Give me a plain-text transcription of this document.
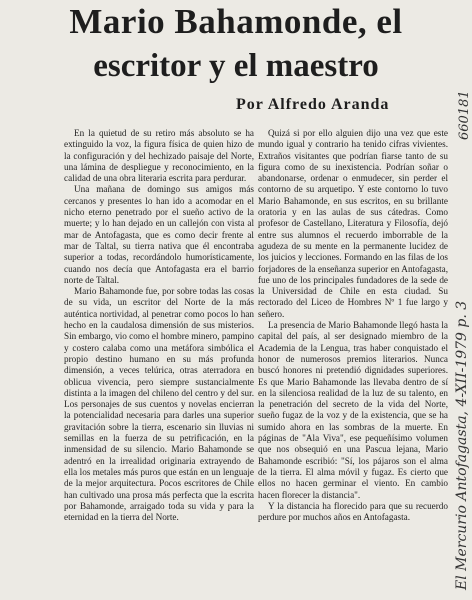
Mario Bahamonde, el
escritor y el maestro
Por Alfredo Aranda

En la quietud de su retiro más absoluto se ha extinguido la voz, la figura física de quien hizo de la configuración y del hechizado paisaje del Norte, una lámina de despliegue y reconocimiento, en la calidad de una obra literaria escrita para perdurar.

Una mañana de domingo sus amigos más cercanos y presentes lo han ido a acomodar en el nicho eterno penetrado por el sueño activo de la muerte; y lo han dejado en un callejón con vista al mar de Antofagasta, que es como decir frente al mar de Taltal, su tierra nativa que él encontraba superior a todas, recordándolo humorísticamente, cuando nos decía que Antofagasta era el barrio norte de Taltal.

Mario Bahamonde fue, por sobre todas las cosas de su vida, un escritor del Norte de la más auténtica nortividad, al penetrar como pocos lo han hecho en la caudalosa dimensión de sus misterios. Sin embargo, vio como el hombre minero, pampino y costero calaba como una metáfora simbólica el propio destino humano en su más profunda dimensión, a veces telúrica, otras aterradora en oblicua vivencia, pero siempre sustancialmente distinta a la imagen del chileno del centro y del sur. Los personajes de sus cuentos y novelas encierran la potencialidad necesaria para darles una superior gravitación sobre la tierra, escenario sin lluvias ni semillas en la fuerza de su petrificación, en la inmensidad de su silencio. Mario Bahamonde se adentró en la irrealidad originaria extrayendo de ella los metales más puros que están en un lenguaje de la mejor arquitectura. Pocos escritores de Chile han cultivado una prosa más perfecta que la escrita por Bahamonde, arraigado toda su vida y para la eternidad en la tierra del Norte.

Quizá si por ello alguien dijo una vez que este mundo igual y contrario ha tenido cifras vivientes. Extraños visitantes que podrían fiarse tanto de su figura como de su inexistencia. Podrían soñar o abandonarse, ordenar o enmudecer, sin perder el contorno de su arquetipo. Y este contorno lo tuvo Mario Bahamonde, en sus escritos, en su brillante oratoria y en las aulas de sus cátedras. Como profesor de Castellano, Literatura y Filosofía, dejó entre sus alumnos el recuerdo imborrable de la agudeza de su mente en la permanente lucidez de los juicios y lecciones. Formando en las filas de los forjadores de la enseñanza superior en Antofagasta, fue uno de los principales fundadores de la sede de la Universidad de Chile en esta ciudad. Su rectorado del Liceo de Hombres Nº 1 fue largo y señero.

La presencia de Mario Bahamonde llegó hasta la capital del país, al ser designado miembro de la Academia de la Lengua, tras haber conquistado el honor de numerosos premios literarios. Nunca buscó honores ni pretendió dignidades superiores. Es que Mario Bahamonde las llevaba dentro de sí en la silenciosa realidad de la luz de su talento, en la penetración del secreto de la vida del Norte, sueño fugaz de la voz y de la existencia, que se ha sumido ahora en las sombras de la muerte. En páginas de "Ala Viva", ese pequeñísimo volumen que nos obsequió en una Pascua lejana, Mario Bahamonde escribió: "Sí, los pájaros son el alma de la tierra. El alma móvil y fugaz. Es cierto que ellos no hacen germinar el viento. En cambio hacen florecer la distancia".

Y la distancia ha florecido para que su recuerdo perdure por muchos años en Antofagasta.

660181
El Mercurio Antofagasta, 4-XII-1979 p. 3
